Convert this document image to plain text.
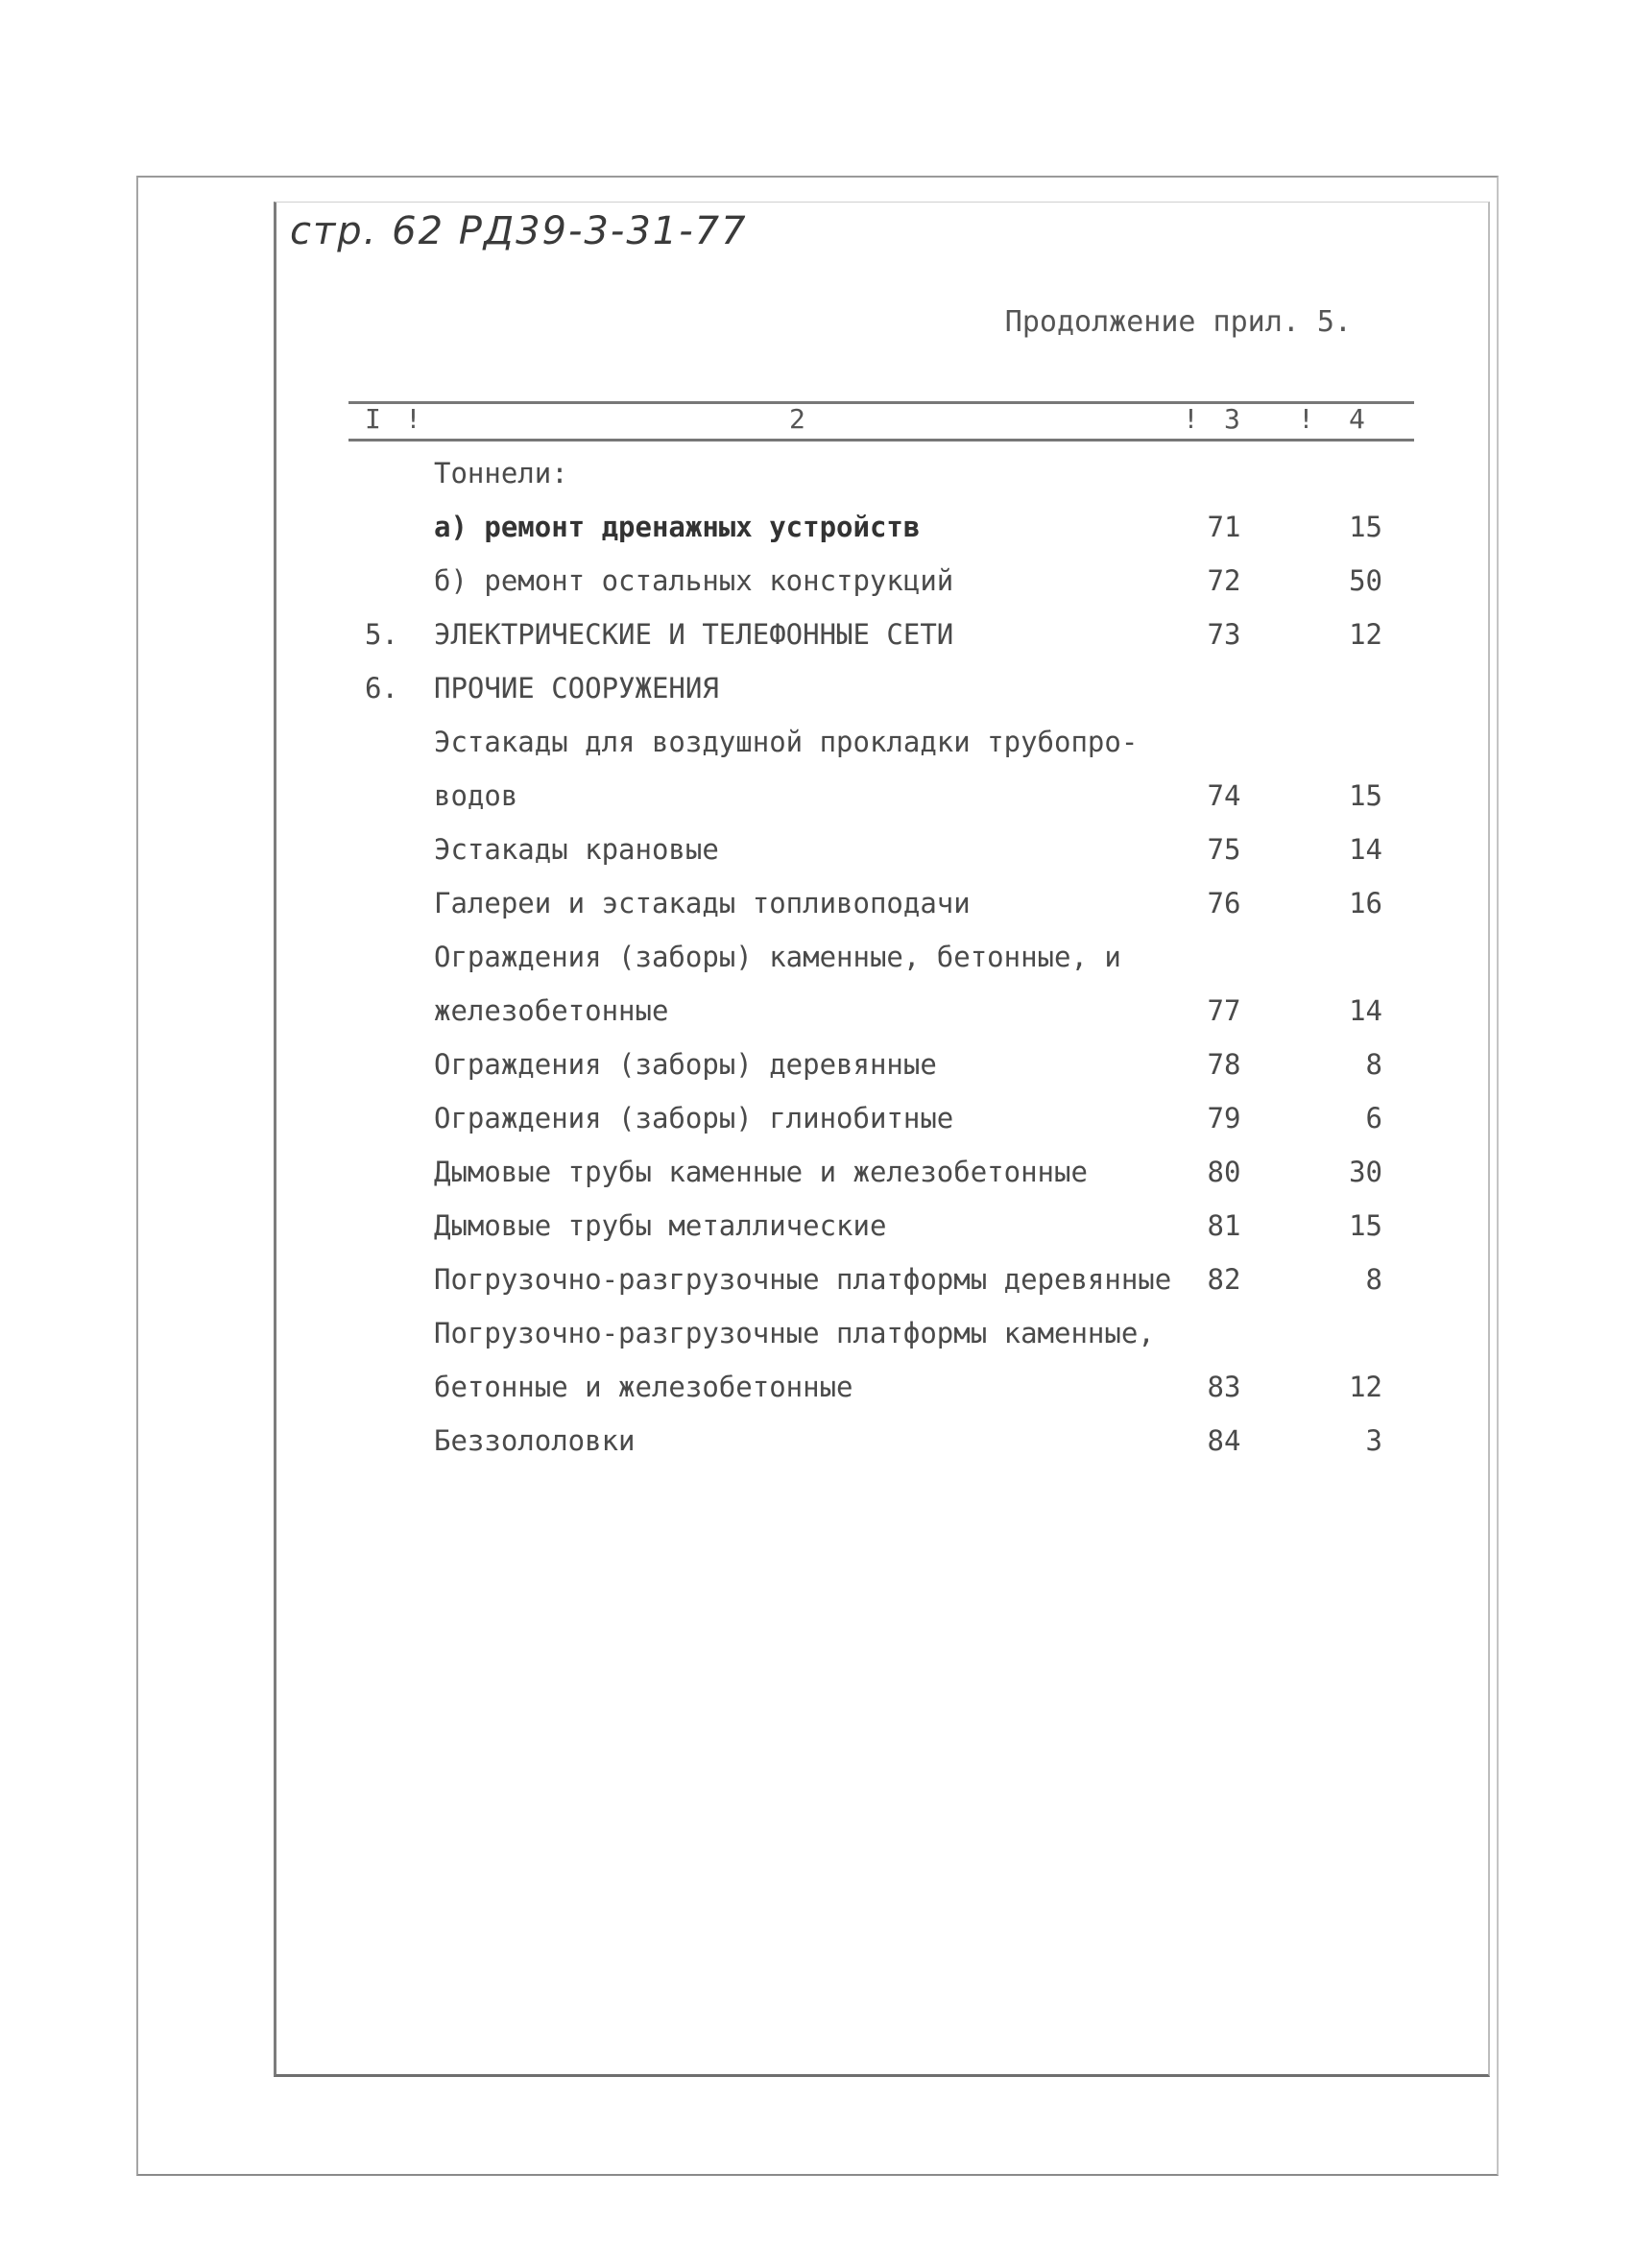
стр. 62 РД39-3-31-77
Продолжение прил. 5.
I !	2	! 3 ! 4
Тоннели:
а) ремонт дренажных устройств	71	15
б) ремонт остальных конструкций	72	50
5. ЭЛЕКТРИЧЕСКИЕ И ТЕЛЕФОННЫЕ СЕТИ	73	12
6. ПРОЧИЕ СООРУЖЕНИЯ
Эстакады для воздушной прокладки трубопро-
водов	74	15
Эстакады крановые	75	14
Галереи и эстакады топливоподачи	76	16
Ограждения (заборы) каменные, бетонные, и
железобетонные	77	14
Ограждения (заборы) деревянные	78	8
Ограждения (заборы) глинобитные	79	6
Дымовые трубы каменные и железобетонные	80	30
Дымовые трубы металлические	81	15
Погрузочно-разгрузочные платформы деревянные	82	8
Погрузочно-разгрузочные платформы каменные,
бетонные и железобетонные	83	12
Беззололовки	84	3
